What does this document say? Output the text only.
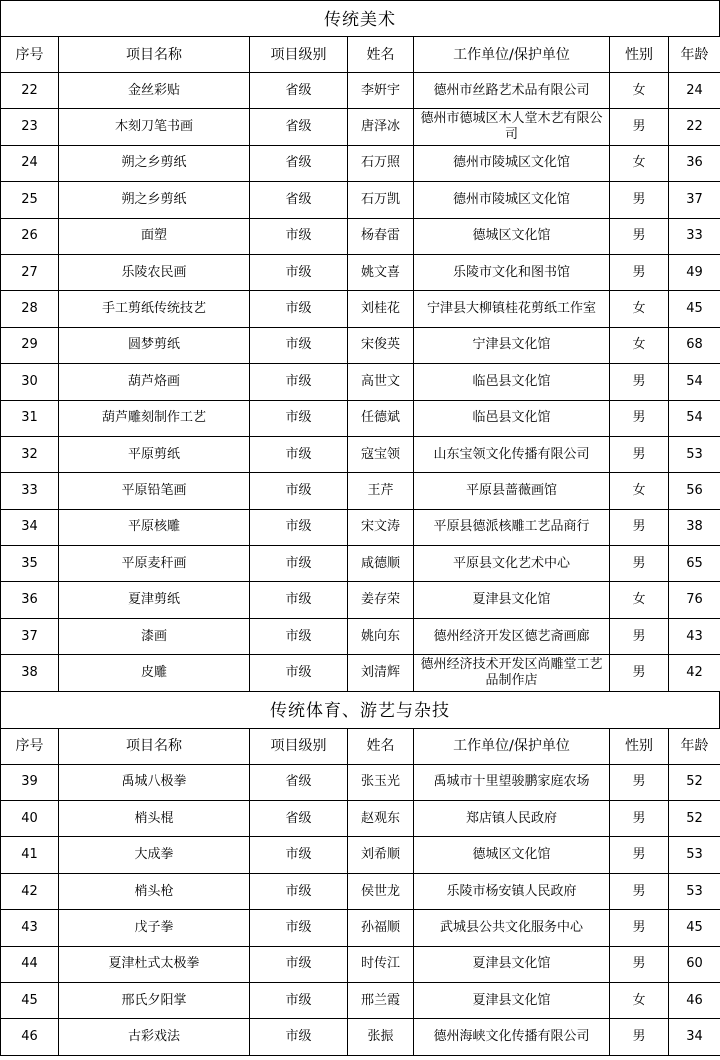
传统美术
序号	项目名称	项目级别	姓名	工作单位/保护单位	性别	年龄
22	金丝彩贴	省级	李姸宇	德州市丝路艺术品有限公司	女	24
23	木刻刀笔书画	省级	唐泽冰	德州市德城区木人堂木艺有限公司	男	22
24	朔之乡剪纸	省级	石万照	德州市陵城区文化馆	女	36
25	朔之乡剪纸	省级	石万凯	德州市陵城区文化馆	男	37
26	面塑	市级	杨春雷	德城区文化馆	男	33
27	乐陵农民画	市级	姚文喜	乐陵市文化和图书馆	男	49
28	手工剪纸传统技艺	市级	刘桂花	宁津县大柳镇桂花剪纸工作室	女	45
29	圆梦剪纸	市级	宋俊英	宁津县文化馆	女	68
30	葫芦烙画	市级	高世文	临邑县文化馆	男	54
31	葫芦雕刻制作工艺	市级	任德斌	临邑县文化馆	男	54
32	平原剪纸	市级	寇宝领	山东宝领文化传播有限公司	男	53
33	平原铅笔画	市级	王芹	平原县蔷薇画馆	女	56
34	平原核雕	市级	宋文涛	平原县德派核雕工艺品商行	男	38
35	平原麦秆画	市级	咸德顺	平原县文化艺术中心	男	65
36	夏津剪纸	市级	姜存荣	夏津县文化馆	女	76
37	漆画	市级	姚向东	德州经济开发区德艺斋画廊	男	43
38	皮雕	市级	刘清辉	德州经济技术开发区尚雕堂工艺品制作店	男	42
传统体育、游艺与杂技
序号	项目名称	项目级别	姓名	工作单位/保护单位	性别	年龄
39	禹城八极拳	省级	张玉光	禹城市十里望骏鹏家庭农场	男	52
40	梢头棍	省级	赵观东	郑店镇人民政府	男	52
41	大成拳	市级	刘希顺	德城区文化馆	男	53
42	梢头枪	市级	侯世龙	乐陵市杨安镇人民政府	男	53
43	戊子拳	市级	孙福顺	武城县公共文化服务中心	男	45
44	夏津杜式太极拳	市级	时传江	夏津县文化馆	男	60
45	邢氏夕阳掌	市级	邢兰霞	夏津县文化馆	女	46
46	古彩戏法	市级	张振	德州海峡文化传播有限公司	男	34
